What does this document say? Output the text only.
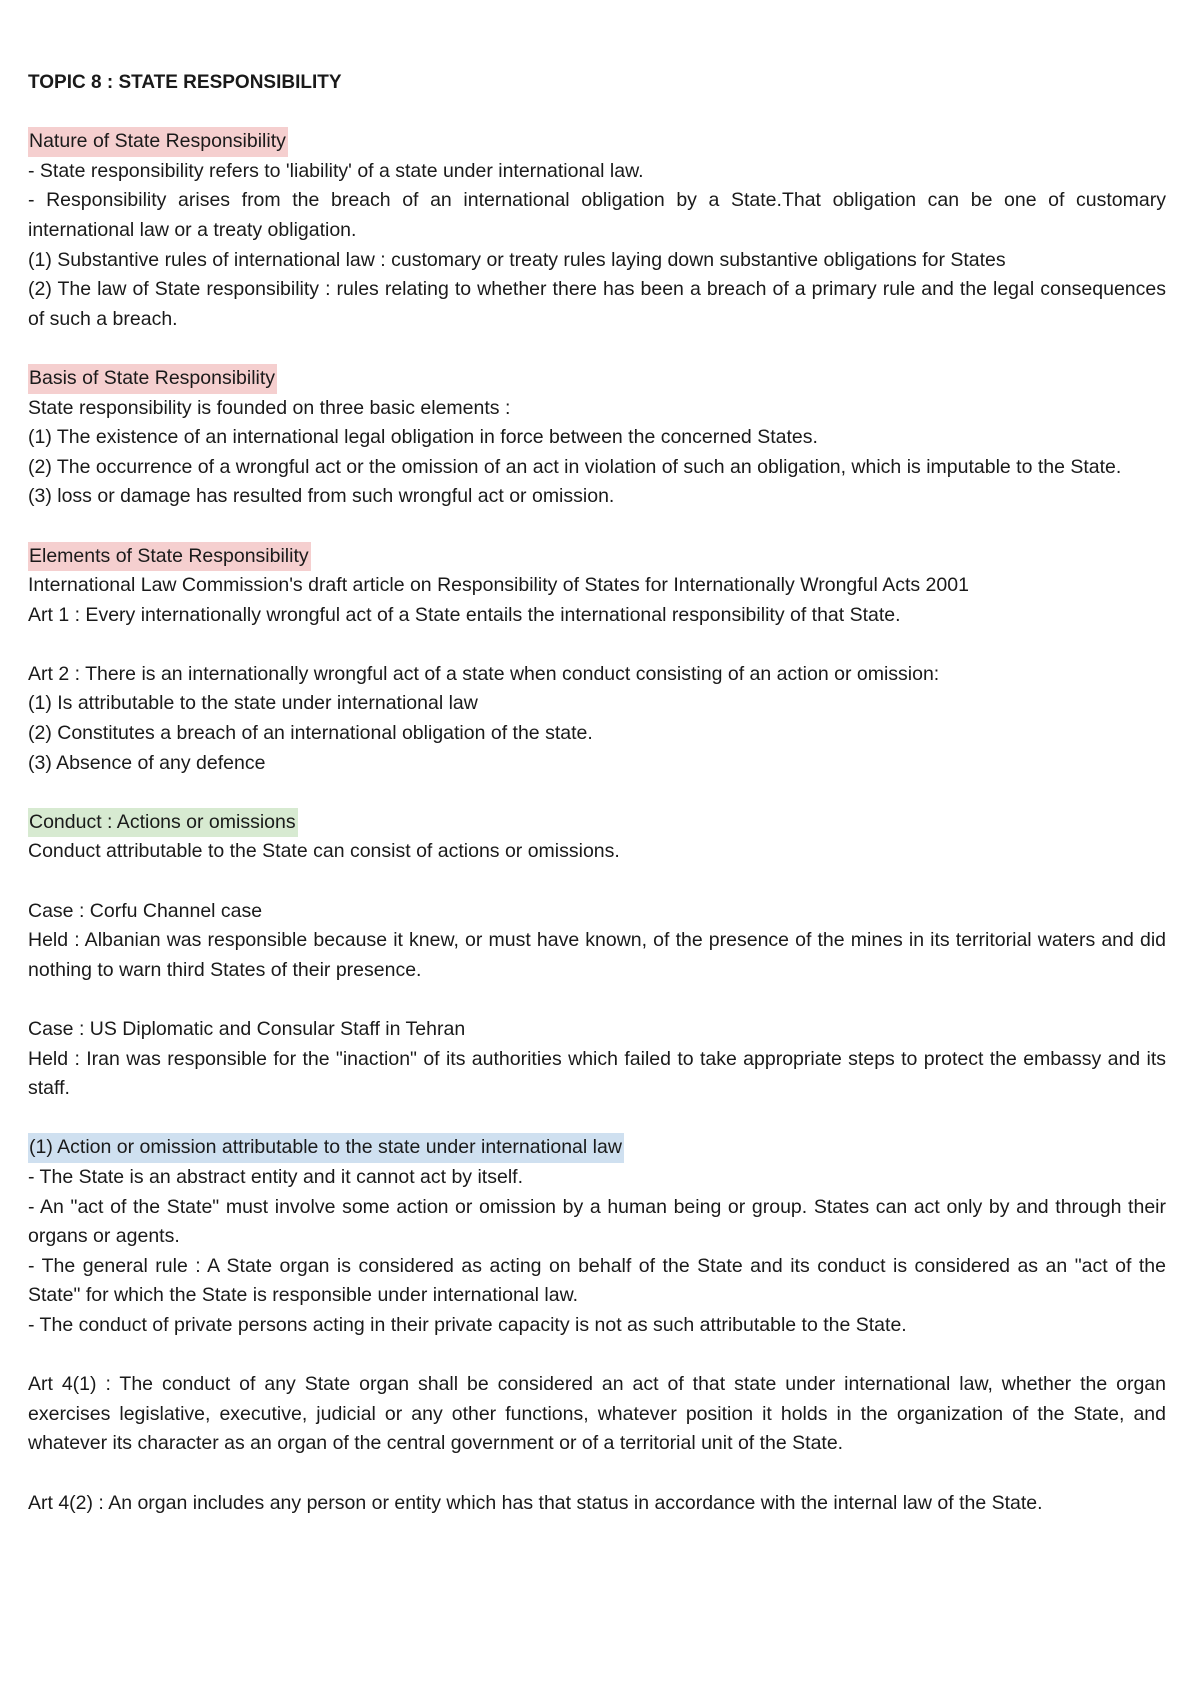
TOPIC 8 : STATE RESPONSIBILITY

Nature of State Responsibility

- State responsibility refers to 'liability' of a state under international law.

- Responsibility arises from the breach of an international obligation by a State.That obligation can be one of customary international law or a treaty obligation.

(1) Substantive rules of international law : customary or treaty rules laying down substantive obligations for States

(2) The law of State responsibility : rules relating to whether there has been a breach of a primary rule and the legal consequences of such a breach.

Basis of State Responsibility

State responsibility is founded on three basic elements :

(1) The existence of an international legal obligation in force between the concerned States.

(2) The occurrence of a wrongful act or the omission of an act in violation of such an obligation, which is imputable to the State.

(3) loss or damage has resulted from such wrongful act or omission.

Elements of State Responsibility

International Law Commission's draft article on Responsibility of States for Internationally Wrongful Acts 2001

Art 1 : Every internationally wrongful act of a State entails the international responsibility of that State.

Art 2 : There is an internationally wrongful act of a state when conduct consisting of an action or omission:

(1) Is attributable to the state under international law

(2) Constitutes a breach of an international obligation of the state.

(3) Absence of any defence

Conduct : Actions or omissions

Conduct attributable to the State can consist of actions or omissions.

Case : Corfu Channel case

Held : Albanian was responsible because it knew, or must have known, of the presence of the mines in its territorial waters and did nothing to warn third States of their presence.

Case : US Diplomatic and Consular Staff in Tehran

Held : Iran was responsible for the "inaction" of its authorities which failed to take appropriate steps to protect the embassy and its staff.

(1) Action or omission attributable to the state under international law

- The State is an abstract entity and it cannot act by itself.

- An "act of the State" must involve some action or omission by a human being or group. States can act only by and through their organs or agents.

- The general rule : A State organ is considered as acting on behalf of the State and its conduct is considered as an "act of the State" for which the State is responsible under international law.

- The conduct of private persons acting in their private capacity is not as such attributable to the State.

Art 4(1) : The conduct of any State organ shall be considered an act of that state under international law, whether the organ exercises legislative, executive, judicial or any other functions, whatever position it holds in the organization of the State, and whatever its character as an organ of the central government or of a territorial unit of the State.

Art 4(2) : An organ includes any person or entity which has that status in accordance with the internal law of the State.
